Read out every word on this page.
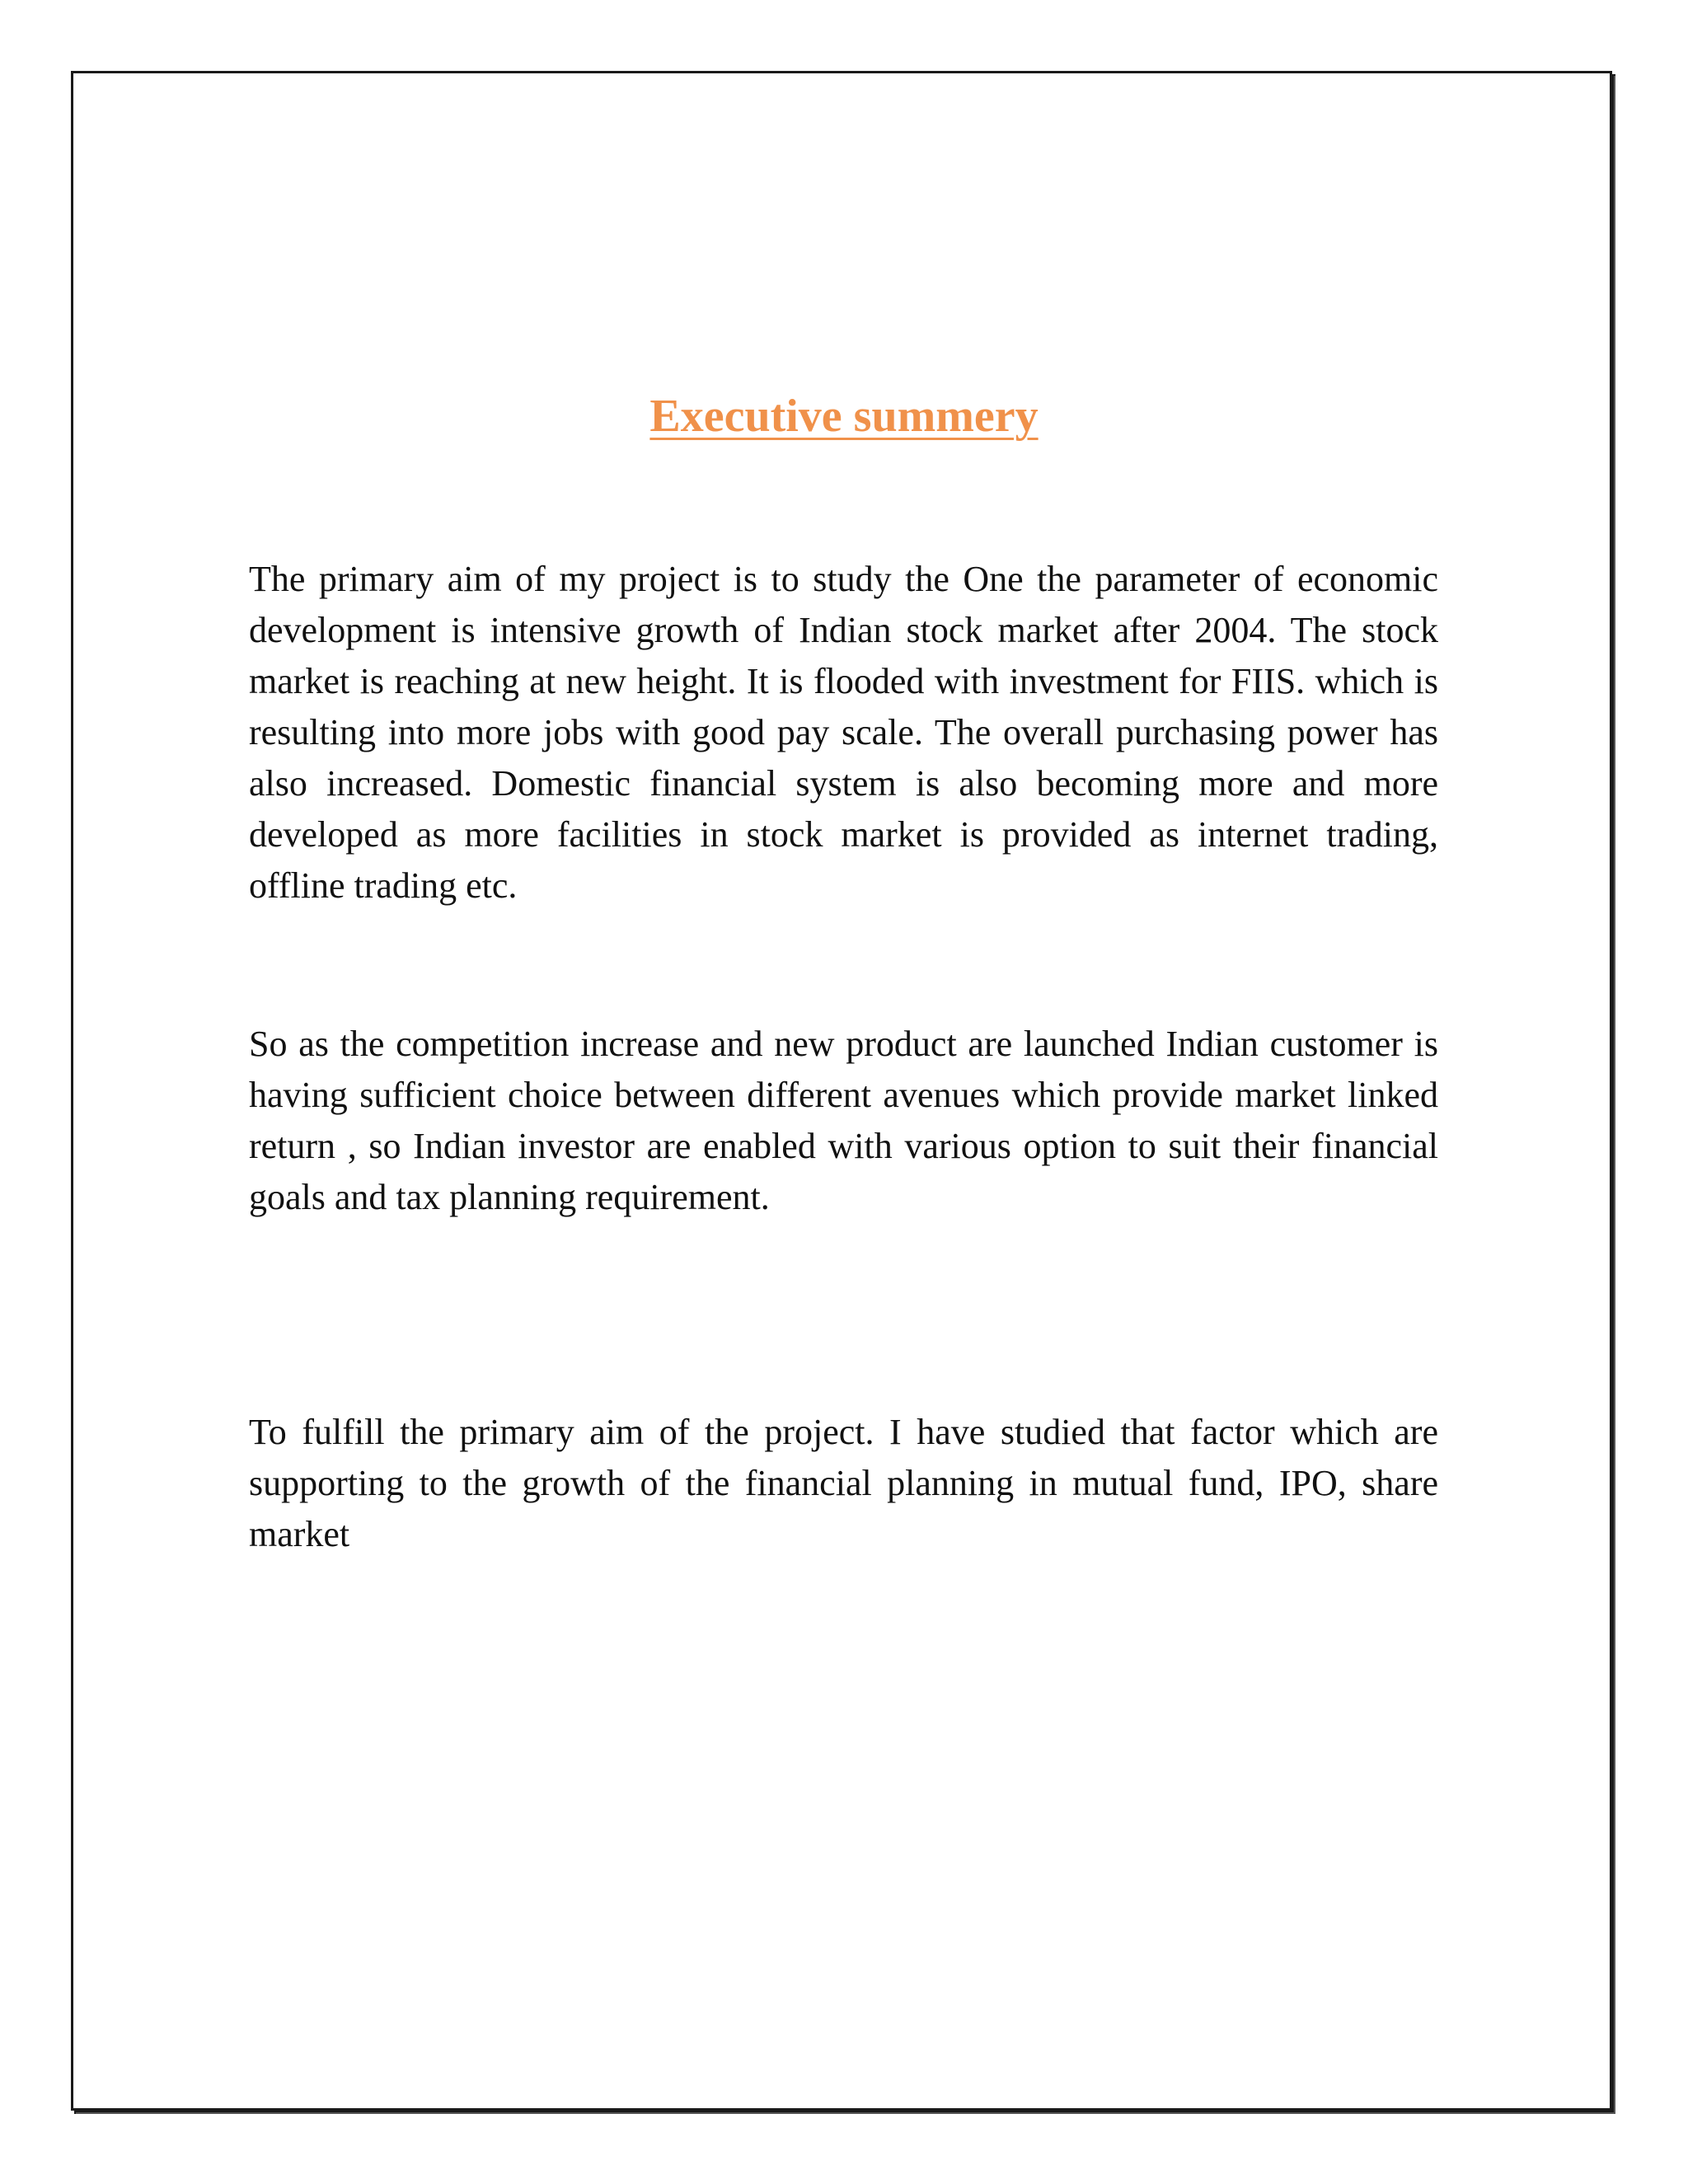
Executive summery

The primary aim of my project is to study the One the parameter of economic development is intensive growth of Indian stock market after 2004. The stock market is reaching at new height. It is flooded with investment for FIIS. which is resulting into more jobs with good pay scale. The overall purchasing power has also increased. Domestic financial system is also becoming more and more developed as more facilities in stock market is provided as internet trading, offline trading etc.

So as the competition increase and new product are launched Indian customer is having sufficient choice between different avenues which provide market linked return , so Indian investor are enabled with various option to suit their financial goals and tax planning requirement.

To fulfill the primary aim of the project. I have studied that factor which are supporting to the growth of the financial planning in mutual fund, IPO, share market
